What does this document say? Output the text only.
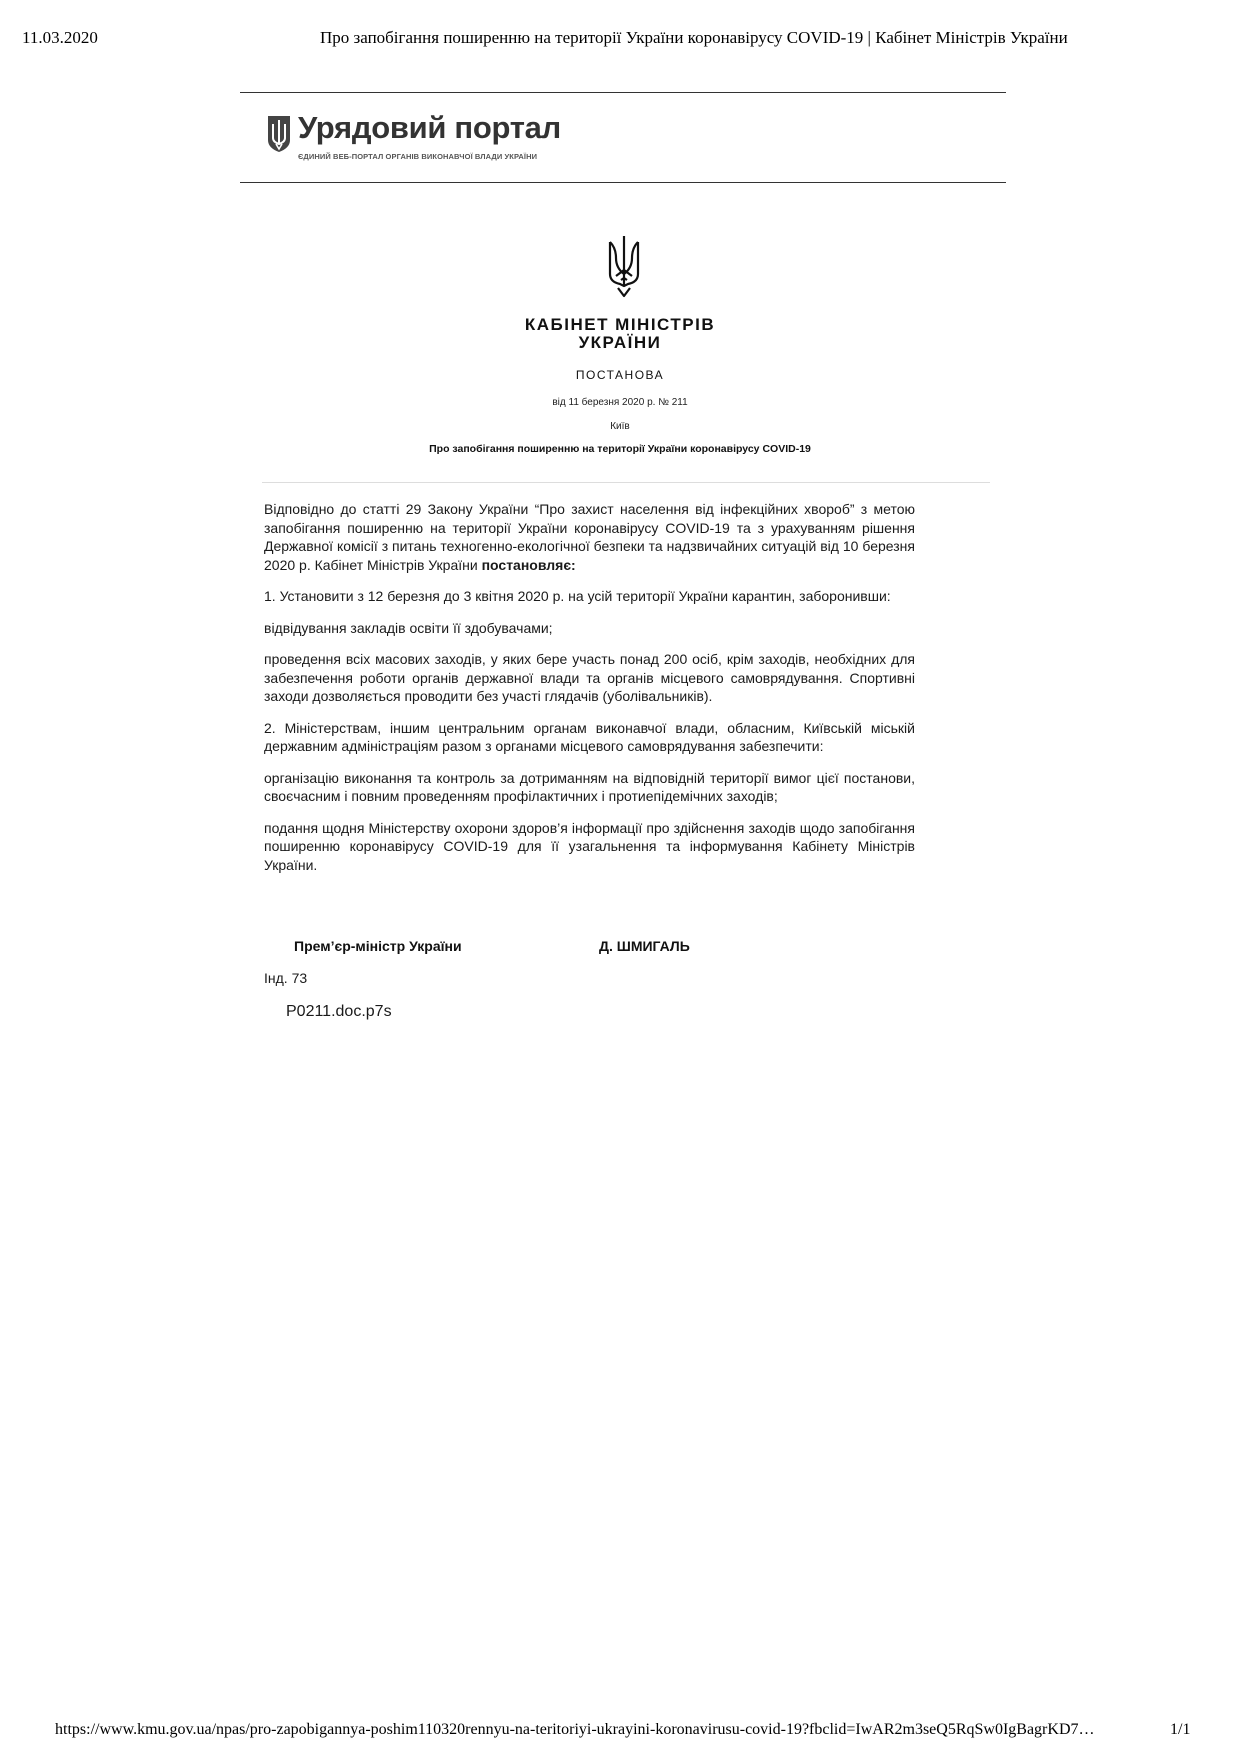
11.03.2020	Про запобігання поширенню на території України коронавірусу COVID-19 | Кабінет Міністрів України
Урядовий портал
ЄДИНИЙ ВЕБ-ПОРТАЛ ОРГАНІВ ВИКОНАВЧОЇ ВЛАДИ УКРАЇНИ
КАБІНЕТ МІНІСТРІВ
УКРАЇНИ
ПОСТАНОВА
від 11 березня 2020 р. № 211
Київ
Про запобігання поширенню на території України коронавірусу COVID-19

Відповідно до статті 29 Закону України “Про захист населення від інфекційних хвороб” з метою запобігання поширенню на території України коронавірусу COVID-19 та з урахуванням рішення Державної комісії з питань техногенно-екологічної безпеки та надзвичайних ситуацій від 10 березня 2020 р. Кабінет Міністрів України постановляє:

1. Установити з 12 березня до 3 квітня 2020 р. на усій території України карантин, заборонивши:

відвідування закладів освіти її здобувачами;

проведення всіх масових заходів, у яких бере участь понад 200 осіб, крім заходів, необхідних для забезпечення роботи органів державної влади та органів місцевого самоврядування. Спортивні заходи дозволяється проводити без участі глядачів (уболівальників).

2. Міністерствам, іншим центральним органам виконавчої влади, обласним, Київській міській державним адміністраціям разом з органами місцевого самоврядування забезпечити:

організацію виконання та контроль за дотриманням на відповідній території вимог цієї постанови, своєчасним і повним проведенням профілактичних і протиепідемічних заходів;

подання щодня Міністерству охорони здоров’я інформації про здійснення заходів щодо запобігання поширенню коронавірусу COVID-19 для її узагальнення та інформування Кабінету Міністрів України.

Прем’єр-міністр України	Д. ШМИГАЛЬ
Інд. 73
P0211.doc.p7s
https://www.kmu.gov.ua/npas/pro-zapobigannya-poshim110320rennyu-na-teritoriyi-ukrayini-koronavirusu-covid-19?fbclid=IwAR2m3seQ5RqSw0IgBagrKD7…	1/1
